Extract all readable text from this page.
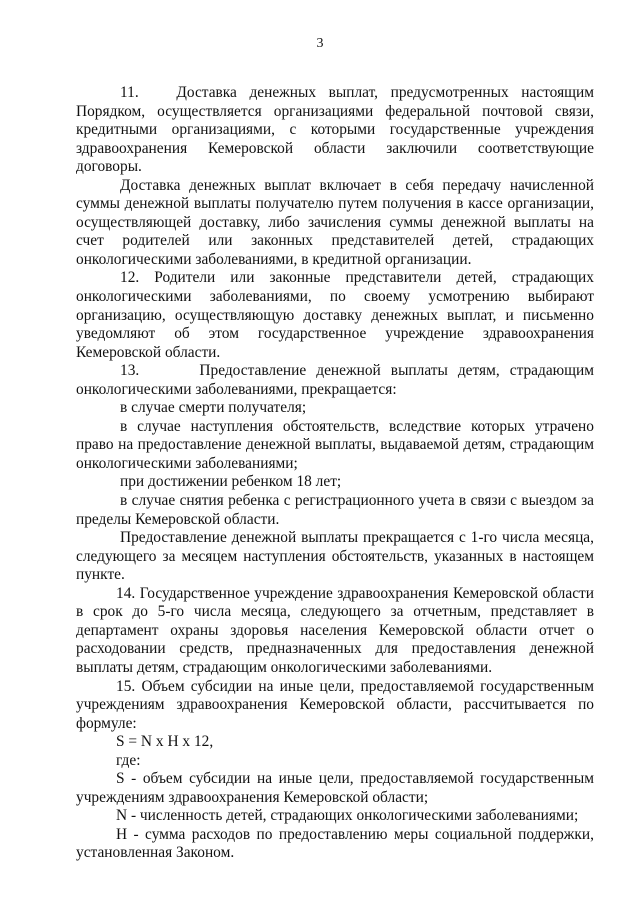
3

11.   Доставка денежных выплат, предусмотренных настоящим Порядком, осуществляется организациями федеральной почтовой связи, кредитными организациями, с которыми государственные учреждения здравоохранения Кемеровской области заключили соответствующие договоры.

Доставка денежных выплат включает в себя передачу начисленной суммы денежной выплаты получателю путем получения в кассе организации, осуществляющей доставку, либо зачисления суммы денежной выплаты на счет родителей или законных представителей детей, страдающих онкологическими заболеваниями, в кредитной организации.

12. Родители или законные представители детей, страдающих онкологическими заболеваниями, по своему усмотрению выбирают организацию, осуществляющую доставку денежных выплат, и письменно уведомляют об этом государственное учреждение здравоохранения Кемеровской области.

13.      Предоставление денежной выплаты детям, страдающим онкологическими заболеваниями, прекращается:

в случае смерти получателя;

в случае наступления обстоятельств, вследствие которых утрачено право на предоставление денежной выплаты, выдаваемой детям, страдающим онкологическими заболеваниями;

при достижении ребенком 18 лет;

в случае снятия ребенка с регистрационного учета в связи с выездом за пределы Кемеровской области.

Предоставление денежной выплаты прекращается с 1-го числа месяца, следующего за месяцем наступления обстоятельств, указанных в настоящем пункте.

14. Государственное учреждение здравоохранения Кемеровской области в срок до 5-го числа месяца, следующего за отчетным, представляет в департамент охраны здоровья населения Кемеровской области отчет о расходовании средств, предназначенных для предоставления денежной выплаты детям, страдающим онкологическими заболеваниями.

15. Объем субсидии на иные цели, предоставляемой государственным учреждениям здравоохранения Кемеровской области, рассчитывается по формуле:

S = N x H x 12,

где:

S - объем субсидии на иные цели, предоставляемой государственным учреждениям здравоохранения Кемеровской области;

N - численность детей, страдающих онкологическими заболеваниями;

H - сумма расходов по предоставлению меры социальной поддержки, установленная Законом.
